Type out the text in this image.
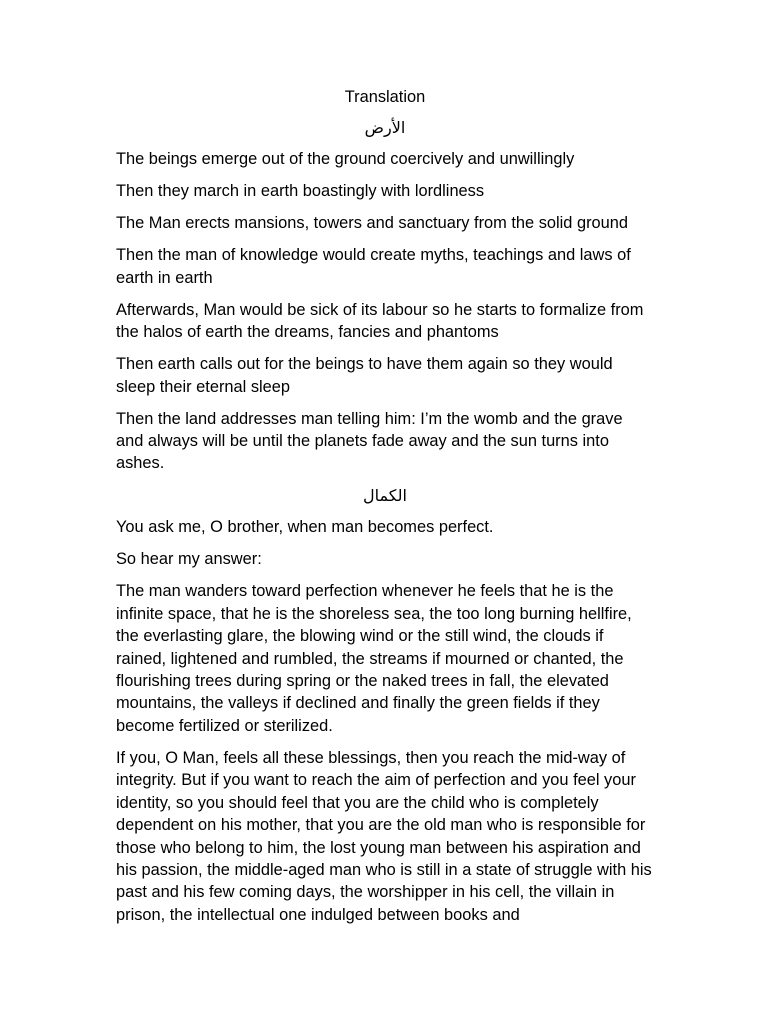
Translation
الأرض

The beings emerge out of the ground coercively and unwillingly

Then they march in earth boastingly with lordliness

The Man erects mansions, towers and sanctuary from the solid ground

Then the man of knowledge would create myths, teachings and laws of earth in earth

Afterwards, Man would be sick of its labour so he starts to formalize from the halos of earth the dreams, fancies and phantoms

Then earth calls out for the beings to have them again so they would sleep their eternal sleep

Then the land addresses man telling him: I’m the womb and the grave and always will be until the planets fade away and the sun turns into ashes.

الكمال

You ask me, O brother, when man becomes perfect.

So hear my answer:

The man wanders toward perfection whenever he feels that he is the infinite space, that he is the shoreless sea, the too long burning hellfire, the everlasting glare, the blowing wind or the still wind, the clouds if rained, lightened and rumbled, the streams if mourned or chanted, the flourishing trees during spring or the naked trees in fall, the elevated mountains, the valleys if declined and finally the green fields if they become fertilized or sterilized.

If you, O Man, feels all these blessings, then you reach the mid-way of integrity. But if you want to reach the aim of perfection and you feel your identity, so you should feel that you are the child who is completely dependent on his mother, that you are the old man who is responsible for those who belong to him, the lost young man between his aspiration and his passion, the middle-aged man who is still in a state of struggle with his past and his few coming days, the worshipper in his cell, the villain in prison, the intellectual one indulged between books and
